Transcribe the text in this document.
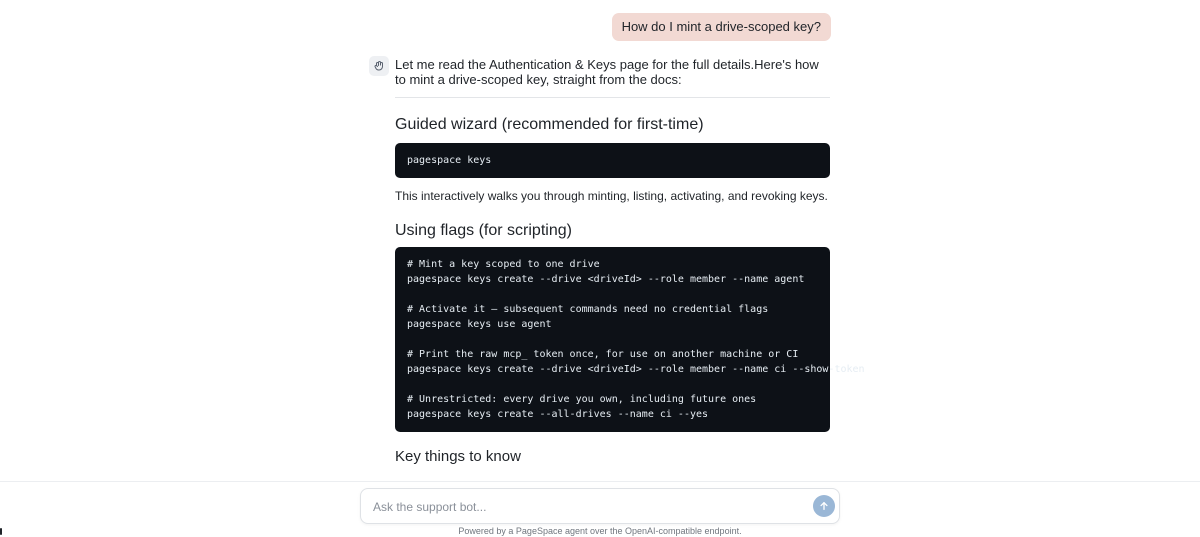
How do I mint a drive-scoped key?

Let me read the Authentication & Keys page for the full details.Here's how to mint a drive-scoped key, straight from the docs:

Guided wizard (recommended for first-time)
pagespace keys

This interactively walks you through minting, listing, activating, and revoking keys.

Using flags (for scripting)
# Mint a key scoped to one drive
pagespace keys create --drive <driveId> --role member --name agent
# Activate it — subsequent commands need no credential flags
pagespace keys use agent
# Print the raw mcp_ token once, for use on another machine or CI
pagespace keys create --drive <driveId> --role member --name ci --show-token
# Unrestricted: every drive you own, including future ones
pagespace keys create --all-drives --name ci --yes
Key things to know
Ask the support bot...
Powered by a PageSpace agent over the OpenAI-compatible endpoint.
